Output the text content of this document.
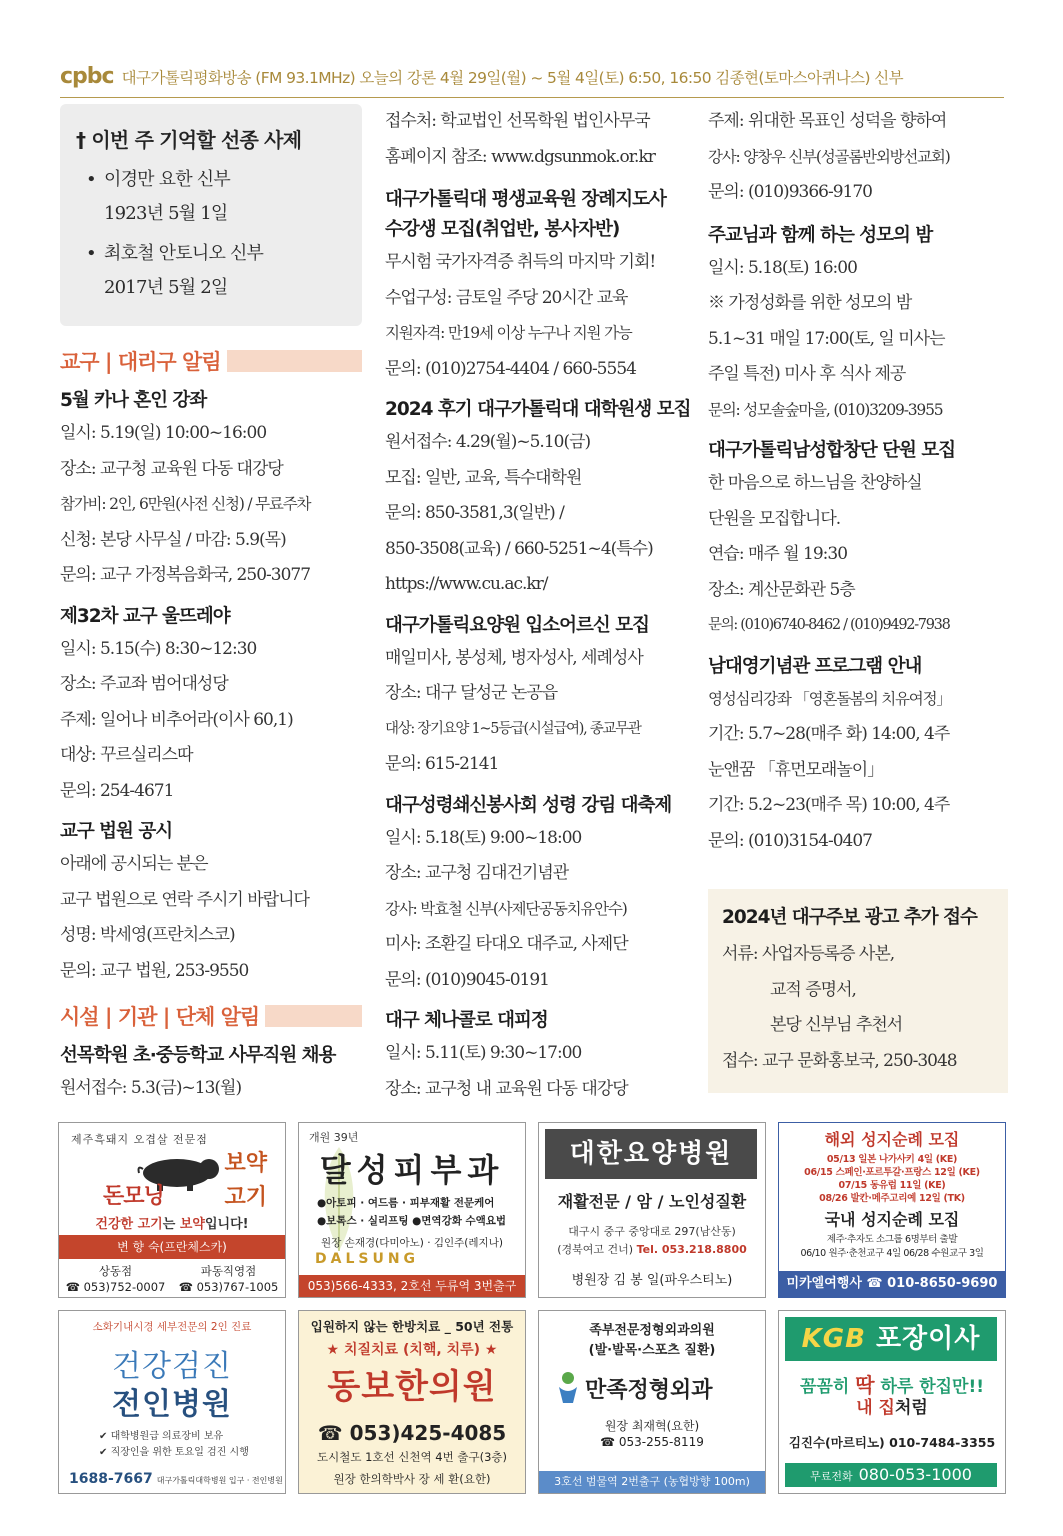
cpbc 대구가톨릭평화방송 (FM 93.1MHz) 오늘의 강론 4월 29일(월) ~ 5월 4일(토) 6:50, 16:50 김종현(토마스아퀴나스) 신부
† 이번 주 기억할 선종 사제
• 이경만 요한 신부
1923년 5월 1일
• 최호철 안토니오 신부
2017년 5월 2일
교구 | 대리구 알림
5월 카나 혼인 강좌
일시: 5.19(일) 10:00~16:00
장소: 교구청 교육원 다동 대강당
참가비: 2인, 6만원(사전 신청) / 무료주차
신청: 본당 사무실 / 마감: 5.9(목)
문의: 교구 가정복음화국, 250-3077
제32차 교구 울뜨레야
일시: 5.15(수) 8:30~12:30
장소: 주교좌 범어대성당
주제: 일어나 비추어라(이사 60,1)
대상: 꾸르실리스따
문의: 254-4671
교구 법원 공시
아래에 공시되는 분은
교구 법원으로 연락 주시기 바랍니다
성명: 박세영(프란치스코)
문의: 교구 법원, 253-9550
시설 | 기관 | 단체 알림
선목학원 초·중등학교 사무직원 채용
원서접수: 5.3(금)~13(월)
접수처: 학교법인 선목학원 법인사무국
홈페이지 참조: www.dgsunmok.or.kr
대구가톨릭대 평생교육원 장례지도사
수강생 모집(취업반, 봉사자반)
무시험 국가자격증 취득의 마지막 기회!
수업구성: 금토일 주당 20시간 교육
지원자격: 만19세 이상 누구나 지원 가능
문의: (010)2754-4404 / 660-5554
2024 후기 대구가톨릭대 대학원생 모집
원서접수: 4.29(월)~5.10(금)
모집: 일반, 교육, 특수대학원
문의: 850-3581,3(일반) /
850-3508(교육) / 660-5251~4(특수)
https://www.cu.ac.kr/
대구가톨릭요양원 입소어르신 모집
매일미사, 봉성체, 병자성사, 세례성사
장소: 대구 달성군 논공읍
대상: 장기요양 1~5등급(시설급여), 종교무관
문의: 615-2141
대구성령쇄신봉사회 성령 강림 대축제
일시: 5.18(토) 9:00~18:00
장소: 교구청 김대건기념관
강사: 박효철 신부(사제단공동치유안수)
미사: 조환길 타대오 대주교, 사제단
문의: (010)9045-0191
대구 체나콜로 대피정
일시: 5.11(토) 9:30~17:00
장소: 교구청 내 교육원 다동 대강당
주제: 위대한 목표인 성덕을 향하여
강사: 양창우 신부(성골롬반외방선교회)
문의: (010)9366-9170
주교님과 함께 하는 성모의 밤
일시: 5.18(토) 16:00
※ 가정성화를 위한 성모의 밤
5.1~31 매일 17:00(토, 일 미사는
주일 특전) 미사 후 식사 제공
문의: 성모솔숲마을, (010)3209-3955
대구가톨릭남성합창단 단원 모집
한 마음으로 하느님을 찬양하실
단원을 모집합니다.
연습: 매주 월 19:30
장소: 계산문화관 5층
문의: (010)6740-8462 / (010)9492-7938
남대영기념관 프로그램 안내
영성심리강좌 「영혼돌봄의 치유여정」
기간: 5.7~28(매주 화) 14:00, 4주
눈앤꿈 「휴먼모래놀이」
기간: 5.2~23(매주 목) 10:00, 4주
문의: (010)3154-0407
2024년 대구주보 광고 추가 접수
서류: 사업자등록증 사본,
교적 증명서,
본당 신부님 추천서
접수: 교구 문화홍보국, 250-3048
제주흑돼지 오겹살 전문점
돈모닝
보약
고기
건강한 고기는 보약입니다!
변 향 숙(프란체스카)
상동점
☎ 053)752-0007
파동직영점
☎ 053)767-1005
개원 39년
달성피부과
●아토피 · 여드름 · 피부재활 전문케어
●보톡스 · 실리프팅 ●면역강화 수액요법
원장 손재경(다미아노) · 김인주(레지나)
DALSUNG
053)566-4333, 2호선 두류역 3번출구
대한요양병원
재활전문 / 암 / 노인성질환
대구시 중구 중앙대로 297(남산동)
(경북여고 건너) Tel. 053.218.8800
병원장 김 봉 일(파우스티노)
해외 성지순례 모집
05/13 일본 나가사키 4일 (KE)
06/15 스페인·포르투갈·프랑스 12일 (KE)
07/15 동유럽 11일 (KE)
08/26 발칸·메주고리예 12일 (TK)
국내 성지순례 모집
제주·추자도 소그룹 6명부터 출발
06/10 원주·춘천교구 4일 06/28 수원교구 3일
미카엘여행사 ☎ 010-8650-9690
소화기내시경 세부전문의 2인 진료
건강검진
전인병원
✔ 대학병원급 의료장비 보유
✔ 직장인을 위한 토요일 검진 시행
1688-7667 대구가톨릭대학병원 입구 · 전인병원
입원하지 않는 한방치료 _ 50년 전통
★ 치질치료 (치핵, 치루) ★
동보한의원
☎ 053)425-4085
도시철도 1호선 신천역 4번 출구(3층)
원장 한의학박사 장 세 환(요한)
족부전문정형외과의원
(발·발목·스포츠 질환)
만족정형외과
원장 최재혁(요한)
☎ 053-255-8119
3호선 범물역 2번출구 (농협방향 100m)
KGB 포장이사
꼼꼼히 딱 하루 한집만!!
내 집처럼
김진수(마르티노) 010-7484-3355
무료전화 080-053-1000
